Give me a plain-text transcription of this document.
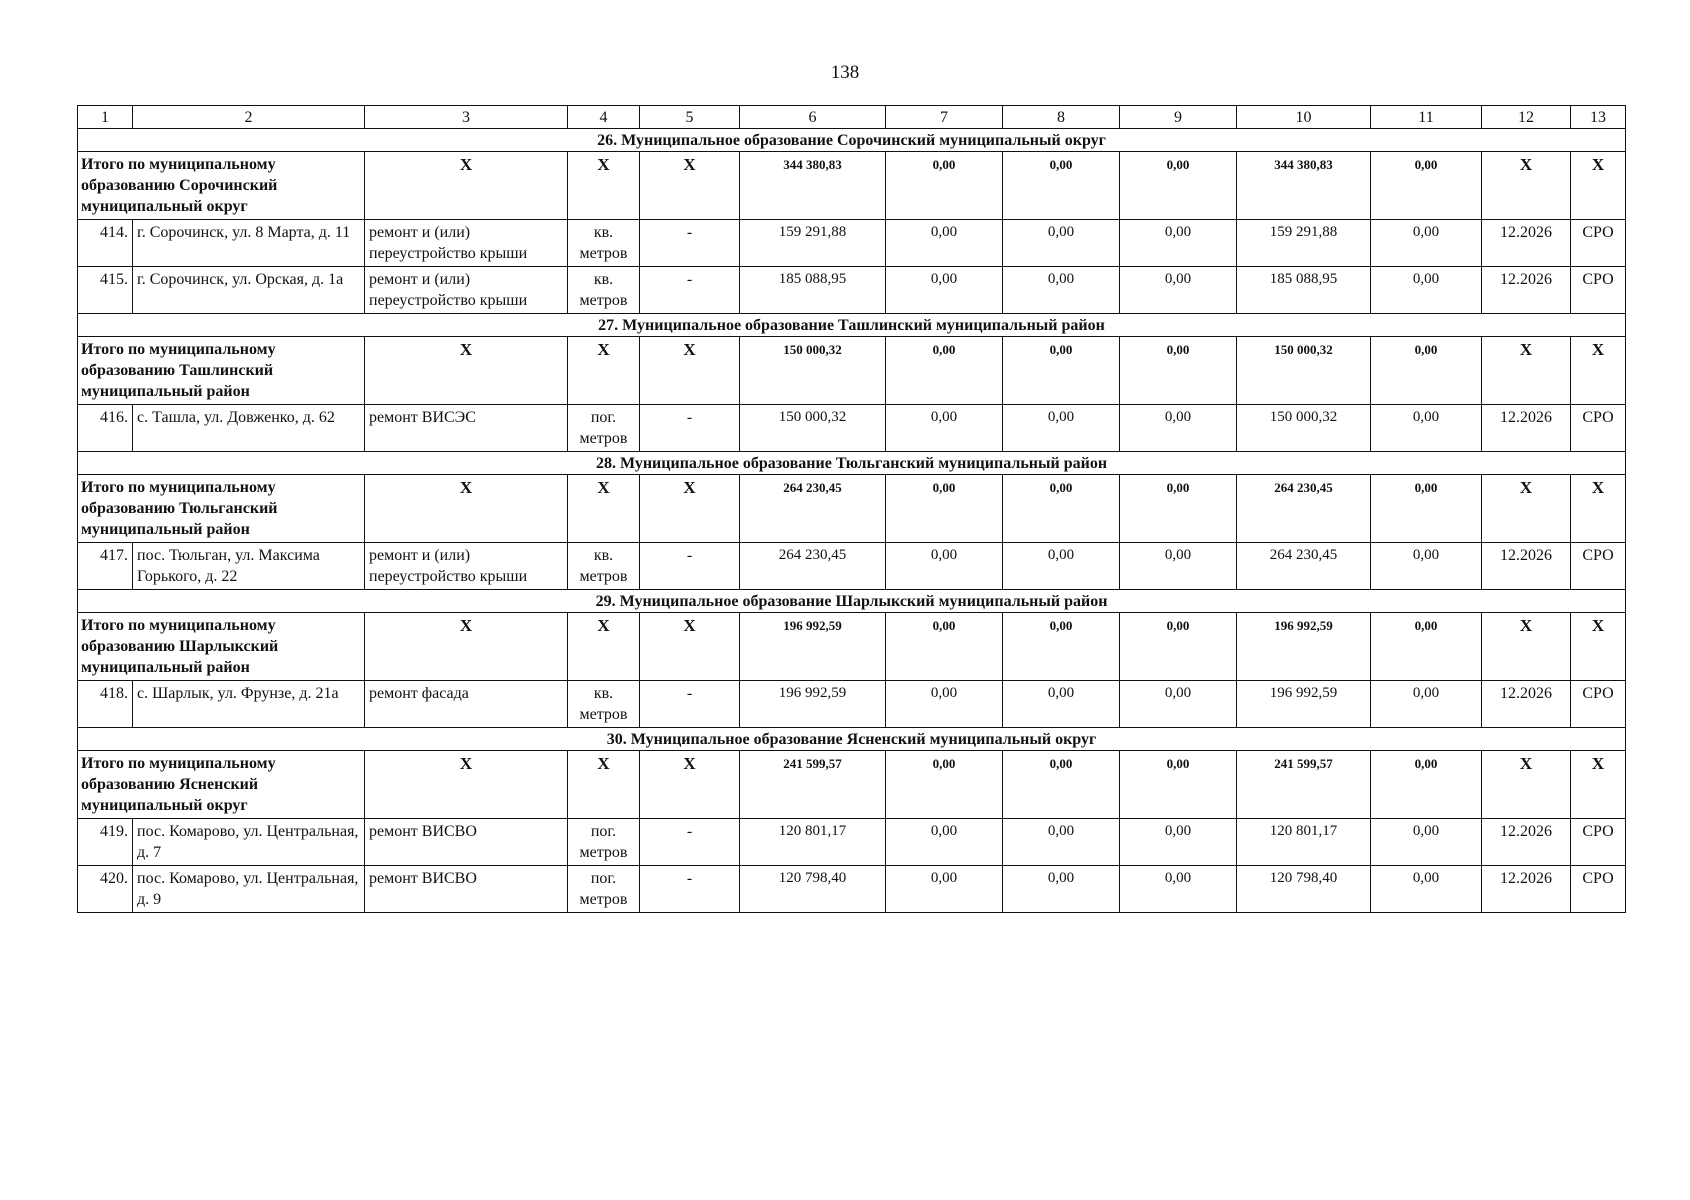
138
1	2	3	4	5	6	7	8	9	10	11	12	13
26. Муниципальное образование Сорочинский муниципальный округ												
Итого по муниципальному образованию Сорочинский муниципальный округ		Х	Х	Х	344 380,83	0,00	0,00	0,00	344 380,83	0,00	Х	Х
414.	г. Сорочинск, ул. 8 Марта, д. 11	ремонт и (или) переустройство крыши	кв. метров	-	159 291,88	0,00	0,00	0,00	159 291,88	0,00	12.2026	СРО
415.	г. Сорочинск, ул. Орская, д. 1а	ремонт и (или) переустройство крыши	кв. метров	-	185 088,95	0,00	0,00	0,00	185 088,95	0,00	12.2026	СРО
27. Муниципальное образование Ташлинский муниципальный район												
Итого по муниципальному образованию Ташлинский муниципальный район		Х	Х	Х	150 000,32	0,00	0,00	0,00	150 000,32	0,00	Х	Х
416.	с. Ташла, ул. Довженко, д. 62	ремонт ВИСЭС	пог. метров	-	150 000,32	0,00	0,00	0,00	150 000,32	0,00	12.2026	СРО
28. Муниципальное образование Тюльганский муниципальный район												
Итого по муниципальному образованию Тюльганский муниципальный район		Х	Х	Х	264 230,45	0,00	0,00	0,00	264 230,45	0,00	Х	Х
417.	пос. Тюльган, ул. Максима Горького, д. 22	ремонт и (или) переустройство крыши	кв. метров	-	264 230,45	0,00	0,00	0,00	264 230,45	0,00	12.2026	СРО
29. Муниципальное образование Шарлыкский муниципальный район												
Итого по муниципальному образованию Шарлыкский муниципальный район		Х	Х	Х	196 992,59	0,00	0,00	0,00	196 992,59	0,00	Х	Х
418.	с. Шарлык, ул. Фрунзе, д. 21а	ремонт фасада	кв. метров	-	196 992,59	0,00	0,00	0,00	196 992,59	0,00	12.2026	СРО
30. Муниципальное образование Ясненский муниципальный округ												
Итого по муниципальному образованию Ясненский муниципальный округ		Х	Х	Х	241 599,57	0,00	0,00	0,00	241 599,57	0,00	Х	Х
419.	пос. Комарово, ул. Центральная, д. 7	ремонт ВИСВО	пог. метров	-	120 801,17	0,00	0,00	0,00	120 801,17	0,00	12.2026	СРО
420.	пос. Комарово, ул. Центральная, д. 9	ремонт ВИСВО	пог. метров	-	120 798,40	0,00	0,00	0,00	120 798,40	0,00	12.2026	СРО
